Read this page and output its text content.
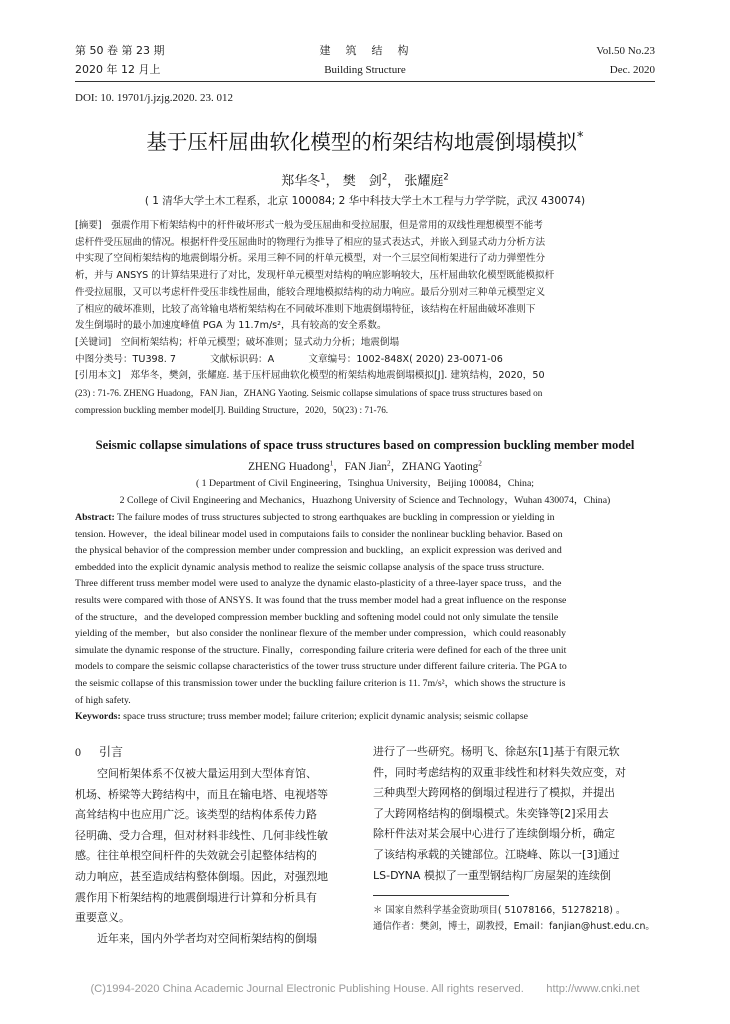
第 50 卷 第 23 期
2020 年 12 月上
建　筑　结　构
Building Structure
Vol.50 No.23
Dec. 2020
DOI: 10. 19701/j.jzjg.2020. 23. 012
基于压杆屈曲软化模型的桁架结构地震倒塌模拟*
郑华冬$^1$， 樊　剑$^2$， 张耀庭$^2$
( 1 清华大学土木工程系，北京 100084; 2 华中科技大学土木工程与力学学院，武汉 430074)
[摘要]　 强震作用下桁架结构中的杆件破坏形式一般为受压屈曲和受拉屈服，但是常用的双线性理想模型不能考
虑杆件受压屈曲的情况。根据杆件受压屈曲时的物理行为推导了相应的显式表达式，并嵌入到显式动力分析方法
中实现了空间桁架结构的地震倒塌分析。采用三种不同的杆单元模型，对一个三层空间桁架进行了动力弹塑性分
析，并与 ANSYS 的计算结果进行了对比，发现杆单元模型对结构的响应影响较大，压杆屈曲软化模型既能模拟杆
件受拉屈服，又可以考虑杆件受压非线性屈曲，能较合理地模拟结构的动力响应。最后分别对三种单元模型定义
了相应的破坏准则，比较了高耸输电塔桁架结构在不同破坏准则下地震倒塌特征，该结构在杆屈曲破坏准则下
发生倒塌时的最小加速度峰值 PGA 为 11.7m/s²，具有较高的安全系数。
[关键词]　 空间桁架结构；杆单元模型；破坏准则；显式动力分析；地震倒塌
中图分类号：TU398. 7	文献标识码：A	文章编号：1002-848X( 2020) 23-0071-06
[引用本文]　 郑华冬，樊剑，张耀庭. 基于压杆屈曲软化模型的桁架结构地震倒塌模拟[J]. 建筑结构，2020，50
(23) : 71-76. ZHENG Huadong，FAN Jian，ZHANG Yaoting. Seismic collapse simulations of space truss structures based on
compression buckling member model[J]. Building Structure，2020，50(23) : 71-76.
Seismic collapse simulations of space truss structures based on compression buckling member model
ZHENG Huadong$^1$，FAN Jian$^2$，ZHANG Yaoting$^2$
( 1 Department of Civil Engineering，Tsinghua University，Beijing 100084，China;
2 College of Civil Engineering and Mechanics，Huazhong University of Science and Technology，Wuhan 430074，China)
Abstract: The failure modes of truss structures subjected to strong earthquakes are buckling in compression or yielding in
tension. However，the ideal bilinear model used in computaions fails to consider the nonlinear buckling behavior. Based on
the physical behavior of the compression member under compression and buckling，an explicit expression was derived and
embedded into the explicit dynamic analysis method to realize the seismic collapse analysis of the space truss structure.
Three different truss member model were used to analyze the dynamic elasto-plasticity of a three-layer space truss，and the
results were compared with those of ANSYS. It was found that the truss member model had a great influence on the response
of the structure，and the developed compression member buckling and softening model could not only simulate the tensile
yielding of the member，but also consider the nonlinear flexure of the member under compression，which could reasonably
simulate the dynamic response of the structure. Finally，corresponding failure criteria were defined for each of the three unit
models to compare the seismic collapse characteristics of the tower truss structure under different failure criteria. The PGA to
the seismic collapse of this transmission tower under the buckling failure criterion is 11. 7m/s²，which shows the structure is
of high safety.
Keywords: space truss structure; truss member model; failure criterion; explicit dynamic analysis; seismic collapse
0 引言
　　空间桁架体系不仅被大量运用到大型体育馆、
机场、桥梁等大跨结构中，而且在输电塔、电视塔等
高耸结构中也应用广泛。该类型的结构体系传力路
径明确、受力合理，但对材料非线性、几何非线性敏
感。往往单根空间杆件的失效就会引起整体结构的
动力响应，甚至造成结构整体倒塌。因此，对强烈地
震作用下桁架结构的地震倒塌进行计算和分析具有
重要意义。
　　近年来，国内外学者均对空间桁架结构的倒塌
进行了一些研究。杨明飞、徐赵东[1]基于有限元软
件，同时考虑结构的双重非线性和材料失效应变，对
三种典型大跨网格的倒塌过程进行了模拟，并提出
了大跨网格结构的倒塌模式。朱奕锋等[2]采用去
除杆件法对某会展中心进行了连续倒塌分析，确定
了该结构承载的关键部位。江晓峰、陈以一[3]通过
LS-DYNA 模拟了一重型钢结构厂房屋架的连续倒
＊ 国家自然科学基金资助项目( 51078166，51278218) 。
通信作者：樊剑，博士，副教授，Email：fanjian@hust.edu.cn。
(C)1994-2020 China Academic Journal Electronic Publishing House. All rights reserved.　　http://www.cnki.net
